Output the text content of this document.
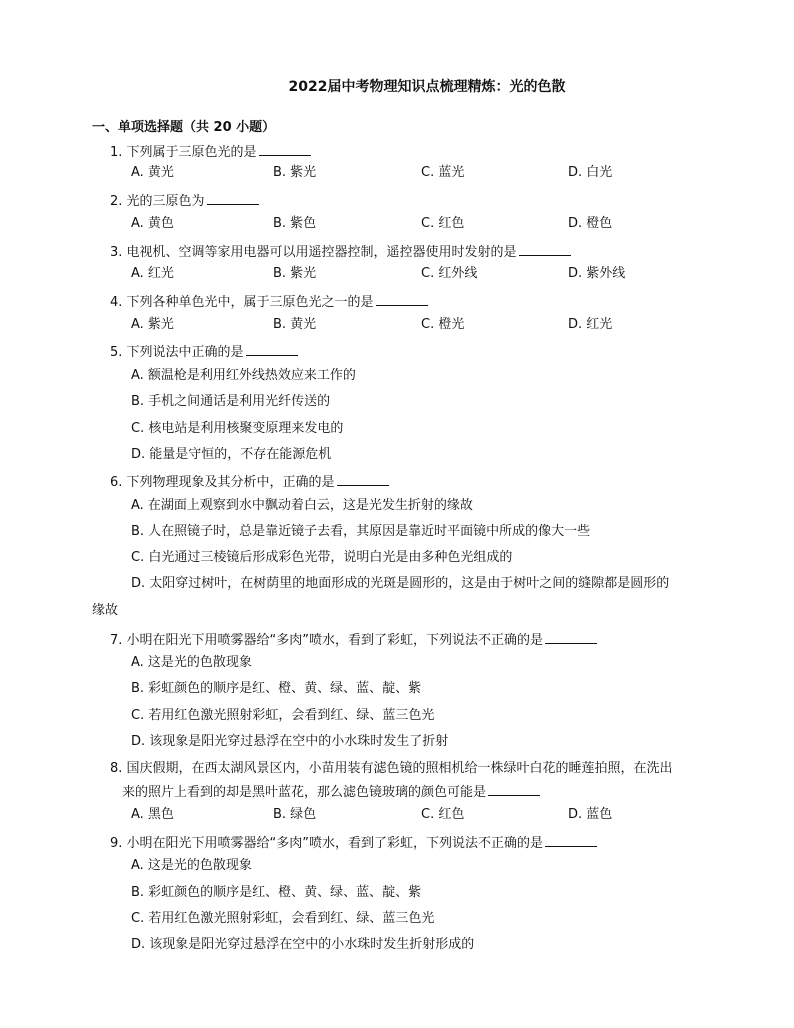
2022届中考物理知识点梳理精炼：光的色散
一、单项选择题（共 20 小题）
1. 下列属于三原色光的是
A. 黄光	B. 紫光	C. 蓝光	D. 白光
2. 光的三原色为
A. 黄色	B. 紫色	C. 红色	D. 橙色
3. 电视机、空调等家用电器可以用遥控器控制，遥控器使用时发射的是
A. 红光	B. 紫光	C. 红外线	D. 紫外线
4. 下列各种单色光中，属于三原色光之一的是
A. 紫光	B. 黄光	C. 橙光	D. 红光
5. 下列说法中正确的是
A. 额温枪是利用红外线热效应来工作的
B. 手机之间通话是利用光纤传送的
C. 核电站是利用核聚变原理来发电的
D. 能量是守恒的，不存在能源危机
6. 下列物理现象及其分析中，正确的是
A. 在湖面上观察到水中飘动着白云，这是光发生折射的缘故
B. 人在照镜子时，总是靠近镜子去看，其原因是靠近时平面镜中所成的像大一些
C. 白光通过三棱镜后形成彩色光带，说明白光是由多种色光组成的
D. 太阳穿过树叶，在树荫里的地面形成的光斑是圆形的，这是由于树叶之间的缝隙都是圆形的
缘故
7. 小明在阳光下用喷雾器给“多肉”喷水，看到了彩虹，下列说法不正确的是
A. 这是光的色散现象
B. 彩虹颜色的顺序是红、橙、黄、绿、蓝、靛、紫
C. 若用红色激光照射彩虹，会看到红、绿、蓝三色光
D. 该现象是阳光穿过悬浮在空中的小水珠时发生了折射
8. 国庆假期，在西太湖风景区内，小苗用装有滤色镜的照相机给一株绿叶白花的睡莲拍照，在洗出
来的照片上看到的却是黑叶蓝花，那么滤色镜玻璃的颜色可能是
A. 黑色	B. 绿色	C. 红色	D. 蓝色
9. 小明在阳光下用喷雾器给“多肉”喷水，看到了彩虹，下列说法不正确的是
A. 这是光的色散现象
B. 彩虹颜色的顺序是红、橙、黄、绿、蓝、靛、紫
C. 若用红色激光照射彩虹，会看到红、绿、蓝三色光
D. 该现象是阳光穿过悬浮在空中的小水珠时发生折射形成的
